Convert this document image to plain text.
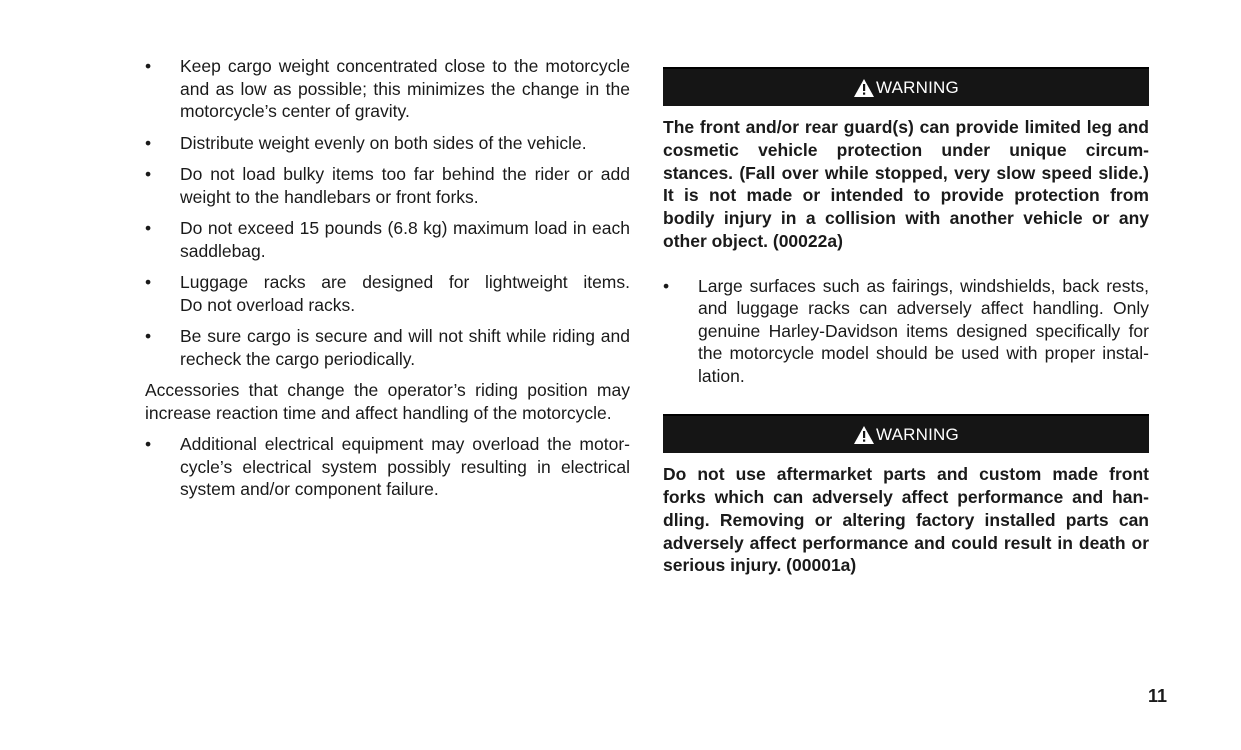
• Keep cargo weight concentrated close to the motorcycle
and as low as possible; this minimizes the change in the
motorcycle’s center of gravity.
• Distribute weight evenly on both sides of the vehicle.
• Do not load bulky items too far behind the rider or add
weight to the handlebars or front forks.
• Do not exceed 15 pounds (6.8 kg) maximum load in each
saddlebag.
• Luggage racks are designed for lightweight items.
Do not overload racks.
• Be sure cargo is secure and will not shift while riding and
recheck the cargo periodically.

Accessories that change the operator’s riding position may increase reaction time and affect handling of the motorcycle.

• Additional electrical equipment may overload the motor-
cycle’s electrical system possibly resulting in electrical
system and/or component failure.
WARNING
The front and/or rear guard(s) can provide limited leg and
cosmetic vehicle protection under unique circum-
stances. (Fall over while stopped, very slow speed slide.)
It is not made or intended to provide protection from
bodily injury in a collision with another vehicle or any
other object. (00022a)
• Large surfaces such as fairings, windshields, back rests,
and luggage racks can adversely affect handling. Only
genuine Harley-Davidson items designed specifically for
the motorcycle model should be used with proper instal-
lation.
WARNING
Do not use aftermarket parts and custom made front
forks which can adversely affect performance and han-
dling. Removing or altering factory installed parts can
adversely affect performance and could result in death or
serious injury. (00001a)
11
